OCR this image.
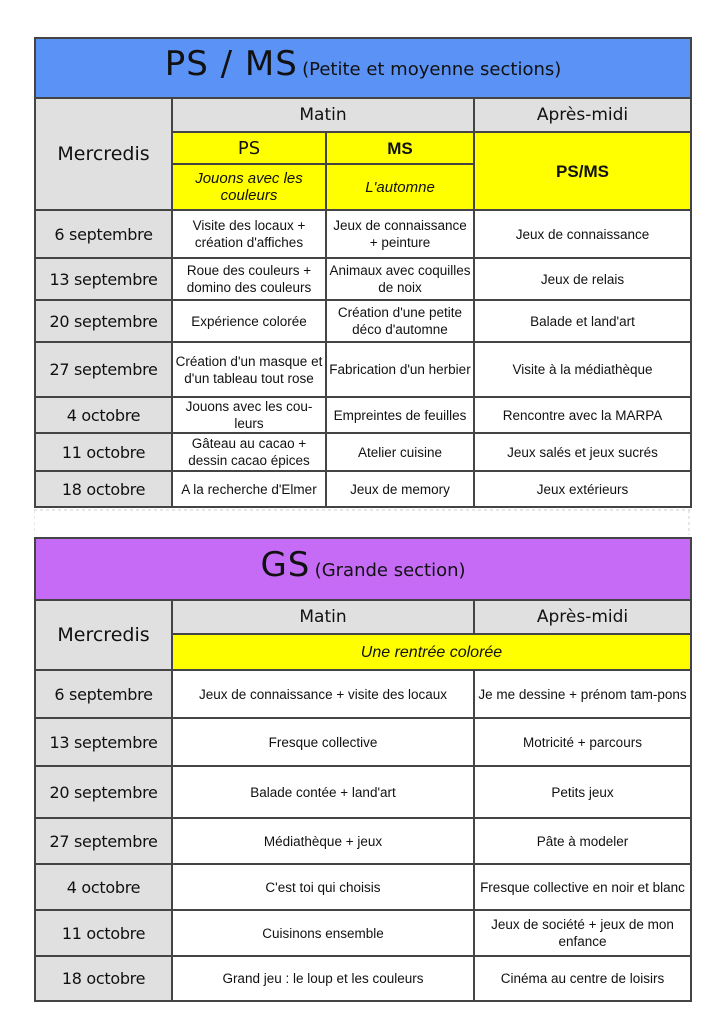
PS / MS (Petite et moyenne sections)			
Mercredis	Matin		Après-midi
	PS	MS	PS/MS
	Jouons avec les couleurs	L'automne	
6 septembre	Visite des locaux + création d'affiches	Jeux de connaissance + peinture	Jeux de connaissance
13 septembre	Roue des couleurs + domino des couleurs	Animaux avec coquilles de noix	Jeux de relais
20 septembre	Expérience colorée	Création d'une petite déco d'automne	Balade et land'art
27 septembre	Création d'un masque et d'un tableau tout rose	Fabrication d'un herbier	Visite à la médiathèque
4 octobre	Jouons avec les cou-leurs	Empreintes de feuilles	Rencontre avec la MARPA
11 octobre	Gâteau au cacao + dessin cacao épices	Atelier cuisine	Jeux salés et jeux sucrés
18 octobre	A la recherche d'Elmer	Jeux de memory	Jeux extérieurs
GS (Grande section)		
Mercredis	Matin	Après-midi
	Une rentrée colorée	
6 septembre	Jeux de connaissance + visite des locaux	Je me dessine + prénom tam-pons
13 septembre	Fresque collective	Motricité + parcours
20 septembre	Balade contée + land'art	Petits jeux
27 septembre	Médiathèque + jeux	Pâte à modeler
4 octobre	C'est toi qui choisis	Fresque collective en noir et blanc
11 octobre	Cuisinons ensemble	Jeux de société + jeux de mon enfance
18 octobre	Grand jeu : le loup et les couleurs	Cinéma au centre de loisirs
